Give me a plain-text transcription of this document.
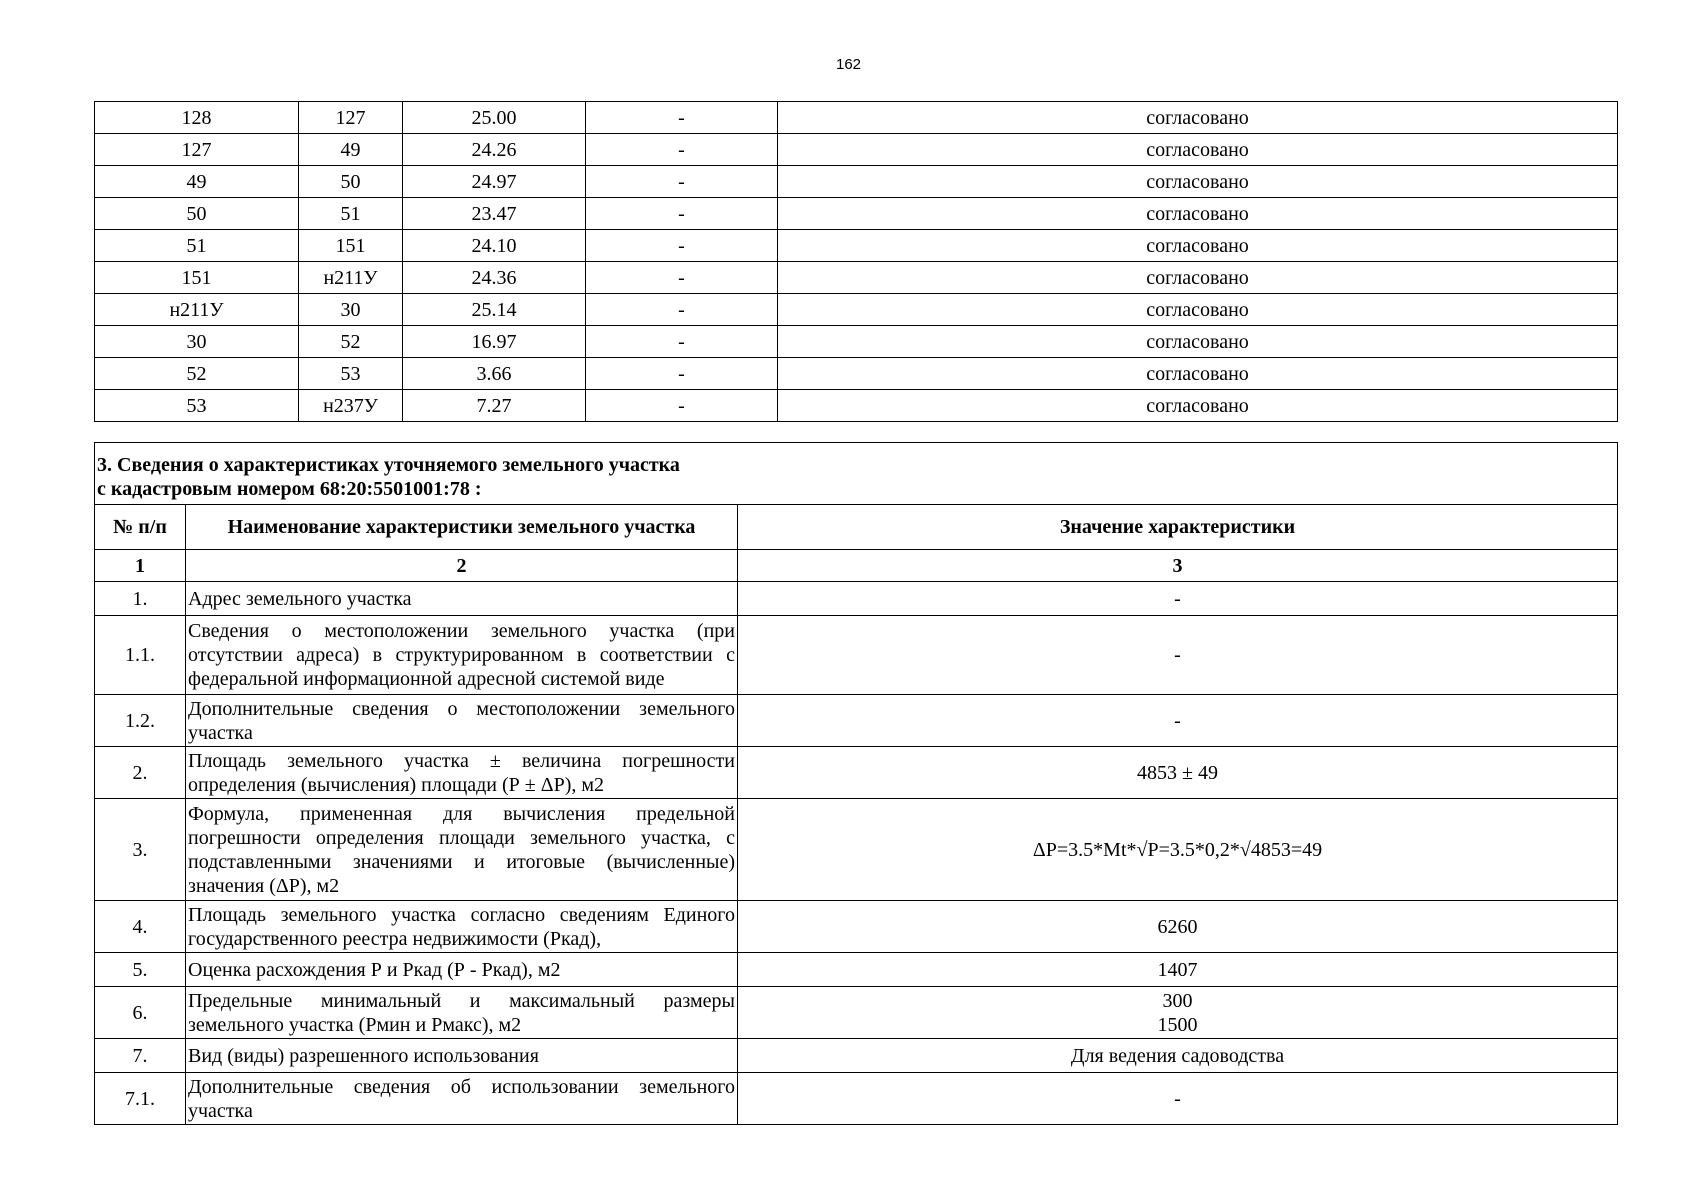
162
128	127	25.00	-	согласовано
127	49	24.26	-	согласовано
49	50	24.97	-	согласовано
50	51	23.47	-	согласовано
51	151	24.10	-	согласовано
151	н211У	24.36	-	согласовано
н211У	30	25.14	-	согласовано
30	52	16.97	-	согласовано
52	53	3.66	-	согласовано
53	н237У	7.27	-	согласовано
3. Сведения о характеристиках уточняемого земельного участка
с кадастровым номером 68:20:5501001:78 :		

№ п/п	Наименование характеристики земельного участка	Значение характеристики
1	2	3
1.	Адрес земельного участка	-
1.1.	Сведения о местоположении земельного участка (при отсутствии адреса) в структурированном в соответствии с федеральной информационной адресной системой виде	-
1.2.	Дополнительные сведения о местоположении земельного участка	-
2.	Площадь земельного участка ± величина погрешности определения (вычисления) площади (Р ± ΔР), м2	4853 ± 49
3.	Формула, примененная для вычисления предельной погрешности определения площади земельного участка, с подставленными значениями и итоговые (вычисленные) значения (ΔР), м2	ΔР=3.5*Mt*√Р=3.5*0,2*√4853=49
4.	Площадь земельного участка согласно сведениям Единого государственного реестра недвижимости (Ркад),	6260
5.	Оценка расхождения Р и Ркад (Р - Ркад), м2	1407
6.	Предельные минимальный и максимальный размеры земельного участка (Рмин и Рмакс), м2	300
1500
7.	Вид (виды) разрешенного использования	Для ведения садоводства
7.1.	Дополнительные сведения об использовании земельного участка	-
